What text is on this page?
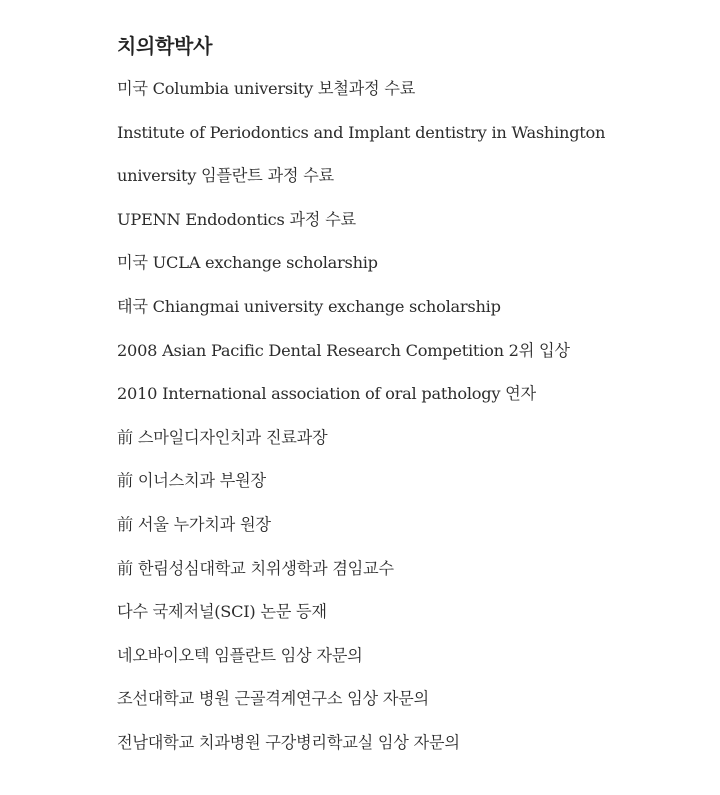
치의학박사
미국 Columbia university 보철과정 수료
Institute of Periodontics and Implant dentistry in Washington
university 임플란트 과정 수료
UPENN Endodontics 과정 수료
미국 UCLA exchange scholarship
태국 Chiangmai university exchange scholarship
2008 Asian Pacific Dental Research Competition 2위 입상
2010 International association of oral pathology 연자
前 스마일디자인치과 진료과장
前 이너스치과 부원장
前 서울 누가치과 원장
前 한림성심대학교 치위생학과 겸임교수
다수 국제저널(SCI) 논문 등재
네오바이오텍 임플란트 임상 자문의
조선대학교 병원 근골격계연구소 임상 자문의
전남대학교 치과병원 구강병리학교실 임상 자문의
